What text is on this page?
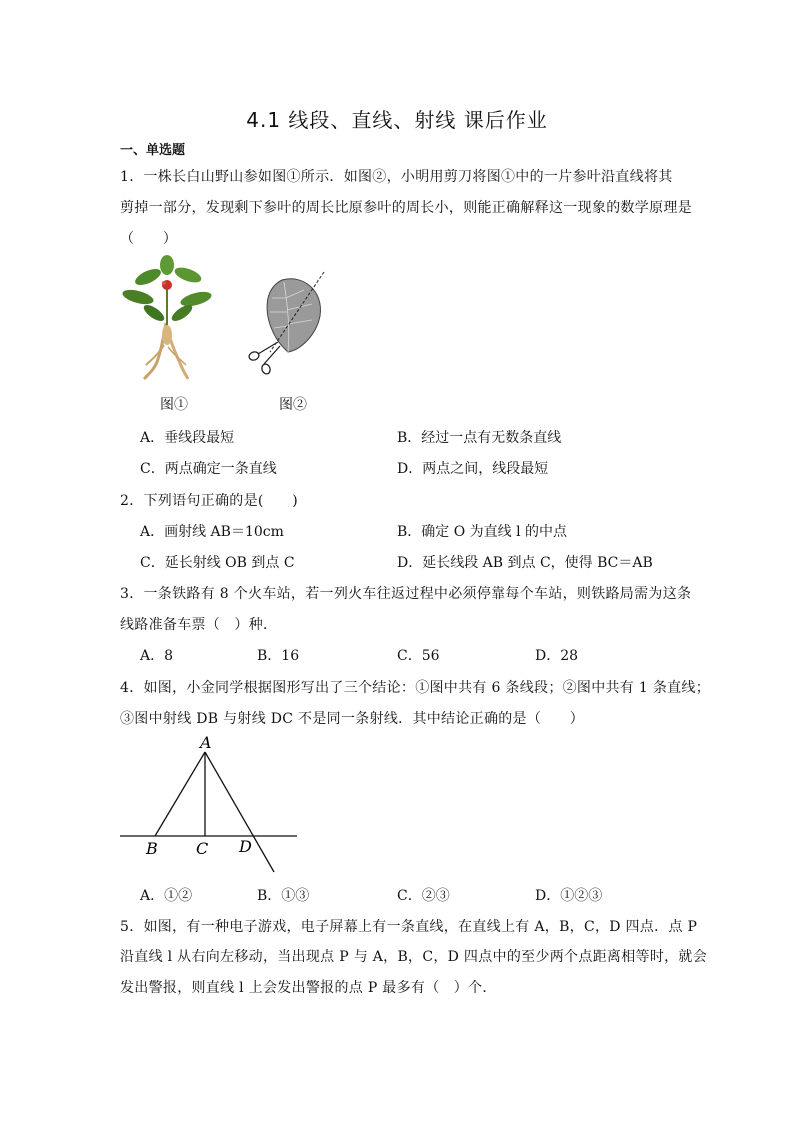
4.1 线段、直线、射线 课后作业
一、单选题
1．一株长白山野山参如图①所示．如图②，小明用剪刀将图①中的一片参叶沿直线将其
剪掉一部分，发现剩下参叶的周长比原参叶的周长小，则能正确解释这一现象的数学原理是
（　　）
图①	图②
A．垂线段最短	B．经过一点有无数条直线
C．两点确定一条直线	D．两点之间，线段最短
2．下列语句正确的是(　　)
A．画射线 AB＝10cm	B．确定 O 为直线 l 的中点
C．延长射线 OB 到点 C	D．延长线段 AB 到点 C，使得 BC＝AB
3．一条铁路有 8 个火车站，若一列火车往返过程中必须停靠每个车站，则铁路局需为这条
线路准备车票（　）种．
A．8	B．16	C．56	D．28
4．如图，小金同学根据图形写出了三个结论：①图中共有 6 条线段；②图中共有 1 条直线；
③图中射线 DB 与射线 DC 不是同一条射线．其中结论正确的是（　　）
A
B C D
A．①②	B．①③	C．②③	D．①②③
5．如图，有一种电子游戏，电子屏幕上有一条直线，在直线上有 A，B，C，D 四点．点 P
沿直线 l 从右向左移动，当出现点 P 与 A，B，C，D 四点中的至少两个点距离相等时，就会
发出警报，则直线 l 上会发出警报的点 P 最多有（　）个．
